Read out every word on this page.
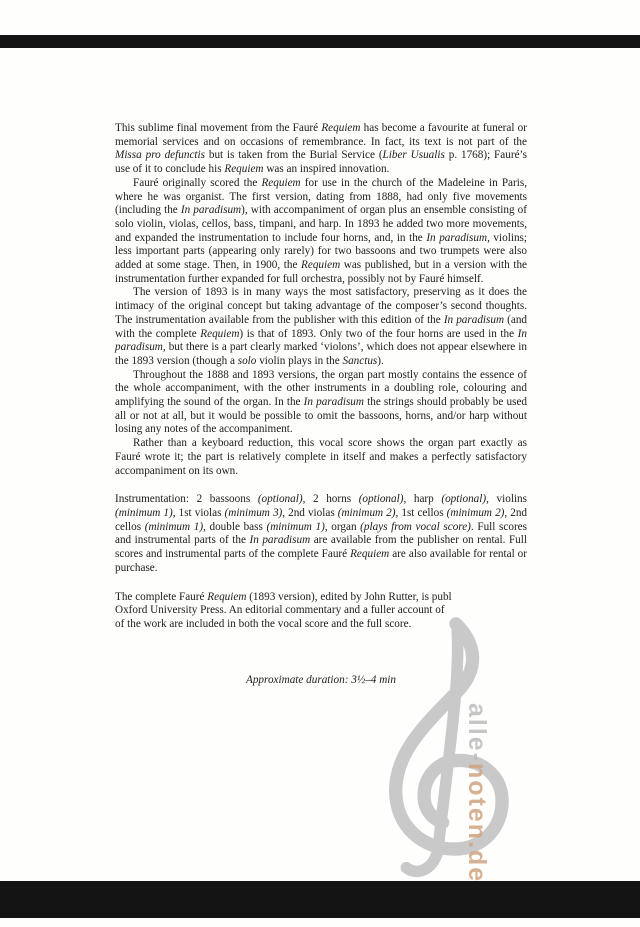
alle-noten.de

This sublime final movement from the Fauré Requiem has become a favourite at funeral or memorial services and on occasions of remembrance. In fact, its text is not part of the Missa pro defunctis but is taken from the Burial Service (Liber Usualis p. 1768); Fauré’s use of it to conclude his Requiem was an inspired innovation.

Fauré originally scored the Requiem for use in the church of the Madeleine in Paris, where he was organist. The first version, dating from 1888, had only five movements (including the In paradisum), with accompaniment of organ plus an ensemble consisting of solo violin, violas, cellos, bass, timpani, and harp. In 1893 he added two more movements, and expanded the instrumentation to include four horns, and, in the In paradisum, violins; less important parts (appearing only rarely) for two bassoons and two trumpets were also added at some stage. Then, in 1900, the Requiem was published, but in a version with the instrumentation further expanded for full orchestra, possibly not by Fauré himself.

The version of 1893 is in many ways the most satisfactory, preserving as it does the intimacy of the original concept but taking advantage of the composer’s second thoughts. The instrumentation available from the publisher with this edition of the In paradisum (and with the complete Requiem) is that of 1893. Only two of the four horns are used in the In paradisum, but there is a part clearly marked ‘violons’, which does not appear elsewhere in the 1893 version (though a solo violin plays in the Sanctus).

Throughout the 1888 and 1893 versions, the organ part mostly contains the essence of the whole accompaniment, with the other instruments in a doubling role, colouring and amplifying the sound of the organ. In the In paradisum the strings should probably be used all or not at all, but it would be possible to omit the bassoons, horns, and/or harp without losing any notes of the accompaniment.

Rather than a keyboard reduction, this vocal score shows the organ part exactly as Fauré wrote it; the part is relatively complete in itself and makes a perfectly satisfactory accompaniment on its own.

Instrumentation: 2 bassoons (optional), 2 horns (optional), harp (optional), violins (minimum 1), 1st violas (minimum 3), 2nd violas (minimum 2), 1st cellos (minimum 2), 2nd cellos (minimum 1), double bass (minimum 1), organ (plays from vocal score). Full scores and instrumental parts of the In paradisum are available from the publisher on rental. Full scores and instrumental parts of the complete Fauré Requiem are also available for rental or purchase.

The complete Fauré Requiem (1893 version), edited by John Rutter, is publ
Oxford University Press. An editorial commentary and a fuller account of
of the work are included in both the vocal score and the full score.

Approximate duration: 3½–4 min
